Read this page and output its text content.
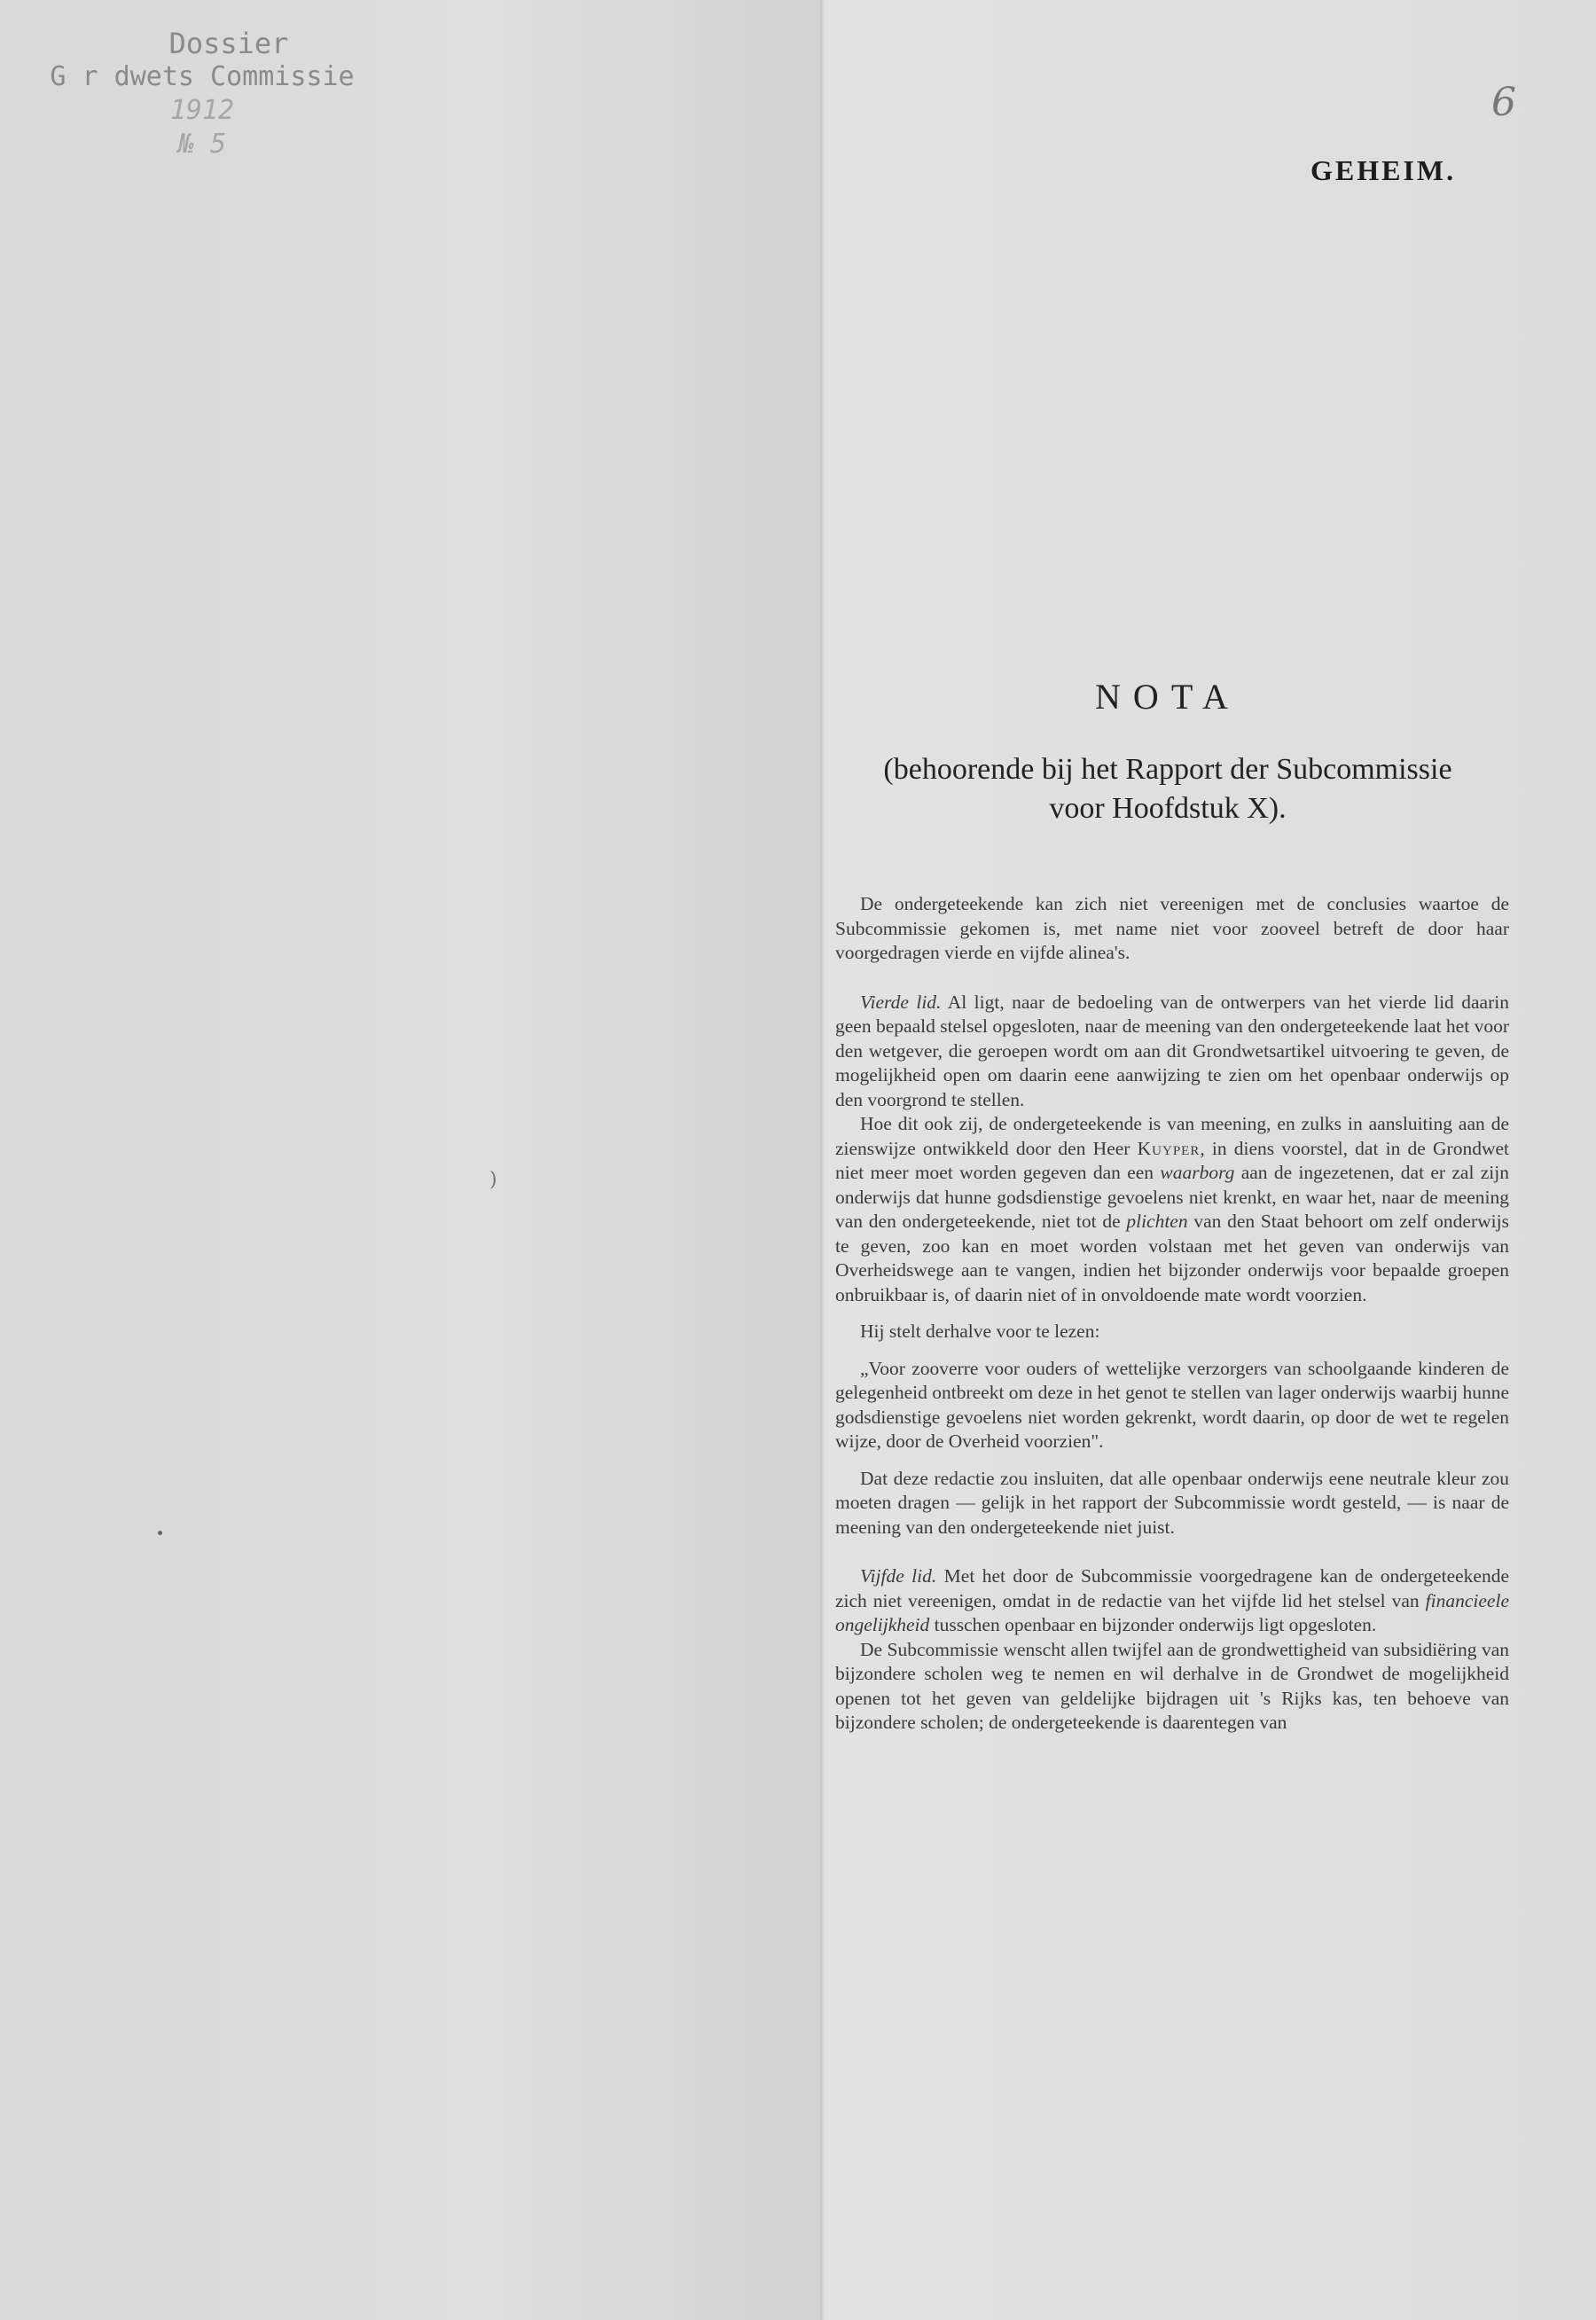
Dossier
G r dwets Commissie
1912
№ 5
6
GEHEIM.
)
NOTA
(behoorende bij het Rapport der Subcommissie
voor Hoofdstuk X).

De ondergeteekende kan zich niet vereenigen met de conclusies waartoe de Subcommissie gekomen is, met name niet voor zooveel betreft de door haar voorgedragen vierde en vijfde alinea's.

Vierde lid. Al ligt, naar de bedoeling van de ontwerpers van het vierde lid daarin geen bepaald stelsel opgesloten, naar de meening van den ondergeteekende laat het voor den wetgever, die geroepen wordt om aan dit Grondwetsartikel uitvoering te geven, de mogelijkheid open om daarin eene aanwijzing te zien om het openbaar onderwijs op den voorgrond te stellen.

Hoe dit ook zij, de ondergeteekende is van meening, en zulks in aansluiting aan de zienswijze ontwikkeld door den Heer Kuyper, in diens voorstel, dat in de Grondwet niet meer moet worden gegeven dan een waarborg aan de ingezetenen, dat er zal zijn onderwijs dat hunne godsdienstige gevoelens niet krenkt, en waar het, naar de meening van den ondergeteekende, niet tot de plichten van den Staat behoort om zelf onderwijs te geven, zoo kan en moet worden volstaan met het geven van onderwijs van Overheidswege aan te vangen, indien het bijzonder onderwijs voor bepaalde groepen onbruikbaar is, of daarin niet of in onvoldoende mate wordt voorzien.

Hij stelt derhalve voor te lezen:

„Voor zooverre voor ouders of wettelijke verzorgers van schoolgaande kinderen de gelegenheid ontbreekt om deze in het genot te stellen van lager onderwijs waarbij hunne godsdienstige gevoelens niet worden gekrenkt, wordt daarin, op door de wet te regelen wijze, door de Overheid voorzien".

Dat deze redactie zou insluiten, dat alle openbaar onderwijs eene neutrale kleur zou moeten dragen — gelijk in het rapport der Subcommissie wordt gesteld, — is naar de meening van den ondergeteekende niet juist.

Vijfde lid. Met het door de Subcommissie voorgedragene kan de ondergeteekende zich niet vereenigen, omdat in de redactie van het vijfde lid het stelsel van financieele ongelijkheid tusschen openbaar en bijzonder onderwijs ligt opgesloten.

De Subcommissie wenscht allen twijfel aan de grondwettigheid van subsidiëring van bijzondere scholen weg te nemen en wil derhalve in de Grondwet de mogelijkheid openen tot het geven van geldelijke bijdragen uit 's Rijks kas, ten behoeve van bijzondere scholen; de ondergeteekende is daarentegen van
